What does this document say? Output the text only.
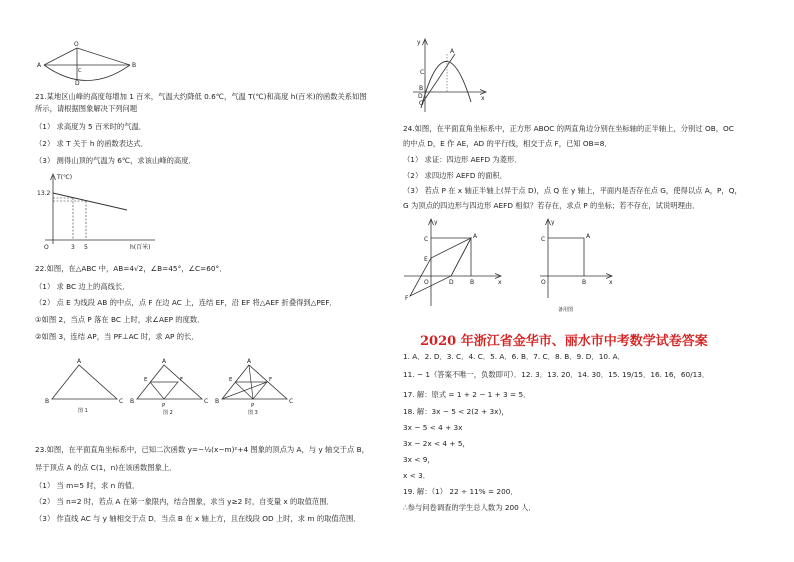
O
A	B
C
D
21.某地区山峰的高度每增加 1 百米，气温大约降低 0.6℃，气温 T(℃)和高度 h(百米)的函数关系如图
所示，请根据图象解决下列问题
（1） 求高度为 5 百米时的气温．
（2） 求 T 关于 h 的函数表达式．
（3） 测得山顶的气温为 6℃，求该山峰的高度．
T(℃)
13.2
O	3 5	h(百米)
22.如图，在△ABC 中，AB=4√2，∠B=45°，∠C=60°．
（1） 求 BC 边上的高线长．
（2） 点 E 为线段 AB 的中点，点 F 在边 AC 上，连结 EF，沿 EF 将△AEF 折叠得到△PEF．
①如图 2，当点 P 落在 BC 上时，求∠AEP 的度数．
②如图 3，连结 AP，当 PF⊥AC 时，求 AP 的长．
A
B	C
图 1
A
B	C
E	F
P
图 2
A
B	C
E	F
P
图 3
23.如图，在平面直角坐标系中，已知二次函数 y=−½(x−m)²+4 图象的顶点为 A，与 y 轴交于点 B，
异于顶点 A 的点 C(1，n)在该函数图象上．
（1） 当 m=5 时，求 n 的值．
（2） 当 n=2 时，若点 A 在第一象限内，结合图象，求当 y≥2 时，自变量 x 的取值范围．
（3） 作直线 AC 与 y 轴相交于点 D．当点 B 在 x 轴上方，且在线段 OD 上时，求 m 的取值范围．
y
x
A
C
B
D
O
24.如图，在平面直角坐标系中，正方形 ABOC 的两直角边分别在坐标轴的正半轴上，分别过 OB，OC
的中点 D，E 作 AE，AD 的平行线，相交于点 F，已知 OB=8．
（1） 求证：四边形 AEFD 为菱形．
（2） 求四边形 AEFD 的面积．
（3） 若点 P 在 x 轴正半轴上(异于点 D)，点 Q 在 y 轴上，平面内是否存在点 G，使得以点 A，P，Q，
G 为顶点的四边形与四边形 AEFD 相似？若存在，求点 P 的坐标；若不存在，试说明理由．
y
x
A
C
E
O	D	B
F
y
x
A
C
O	B
备用图
2020 年浙江省金华市、丽水市中考数学试卷答案
1. A．2. D．3. C．4. C．5. A．6. B．7. C．8. B．9. D．10. A．
11. − 1（答案不唯一，负数即可）．12. 3．13. 20．14. 30．15. 19/15．16. 16，60/13．
17. 解：原式 = 1 + 2 − 1 + 3 = 5．
18. 解：3x − 5 < 2(2 + 3x)，
3x − 5 < 4 + 3x
3x − 2x < 4 + 5，
3x < 9，
x < 3．
19. 解：（1） 22 ÷ 11% = 200．
∴参与问卷调查的学生总人数为 200 人．
